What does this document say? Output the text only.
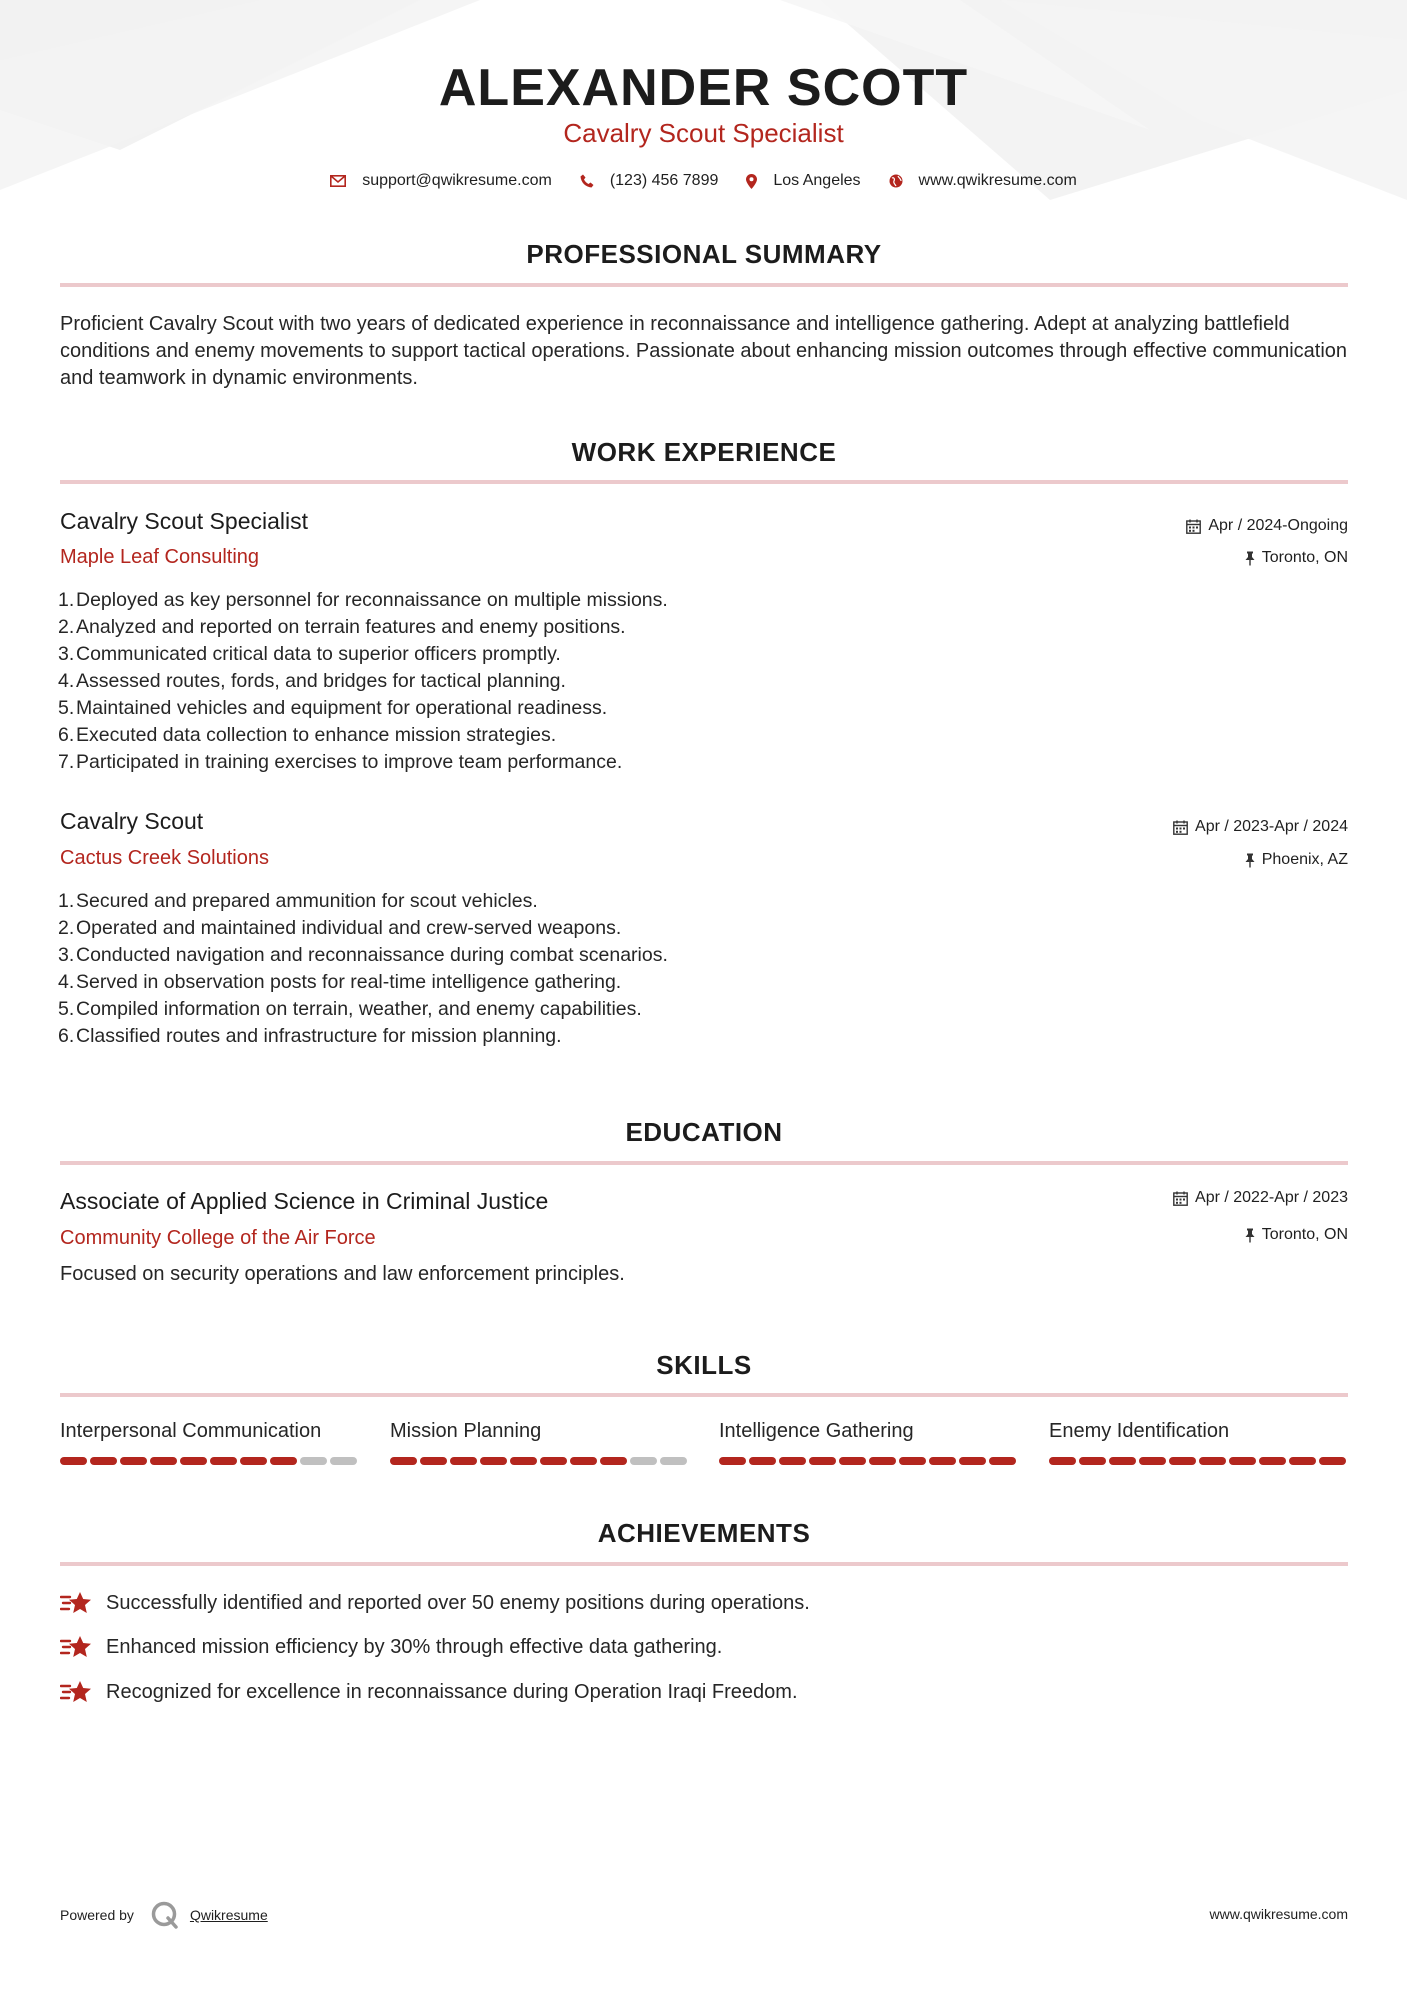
ALEXANDER SCOTT
Cavalry Scout Specialist
support@qwikresume.com	(123) 456 7899	Los Angeles	www.qwikresume.com
PROFESSIONAL SUMMARY
Proficient Cavalry Scout with two years of dedicated experience in reconnaissance and intelligence gathering. Adept at analyzing battlefield conditions and enemy movements to support tactical operations. Passionate about enhancing mission outcomes through effective communication and teamwork in dynamic environments.
WORK EXPERIENCE
Cavalry Scout Specialist
Maple Leaf Consulting
Apr / 2024-Ongoing
Toronto, ON
1.Deployed as key personnel for reconnaissance on multiple missions.
2.Analyzed and reported on terrain features and enemy positions.
3.Communicated critical data to superior officers promptly.
4.Assessed routes, fords, and bridges for tactical planning.
5.Maintained vehicles and equipment for operational readiness.
6.Executed data collection to enhance mission strategies.
7.Participated in training exercises to improve team performance.
Cavalry Scout
Cactus Creek Solutions
Apr / 2023-Apr / 2024
Phoenix, AZ
1.Secured and prepared ammunition for scout vehicles.
2.Operated and maintained individual and crew-served weapons.
3.Conducted navigation and reconnaissance during combat scenarios.
4.Served in observation posts for real-time intelligence gathering.
5.Compiled information on terrain, weather, and enemy capabilities.
6.Classified routes and infrastructure for mission planning.
EDUCATION
Associate of Applied Science in Criminal Justice
Community College of the Air Force
Apr / 2022-Apr / 2023
Toronto, ON
Focused on security operations and law enforcement principles.
SKILLS
Interpersonal Communication	Mission Planning	Intelligence Gathering	Enemy Identification
ACHIEVEMENTS
Successfully identified and reported over 50 enemy positions during operations.
Enhanced mission efficiency by 30% through effective data gathering.
Recognized for excellence in reconnaissance during Operation Iraqi Freedom.
Powered by	Qwikresume	www.qwikresume.com
